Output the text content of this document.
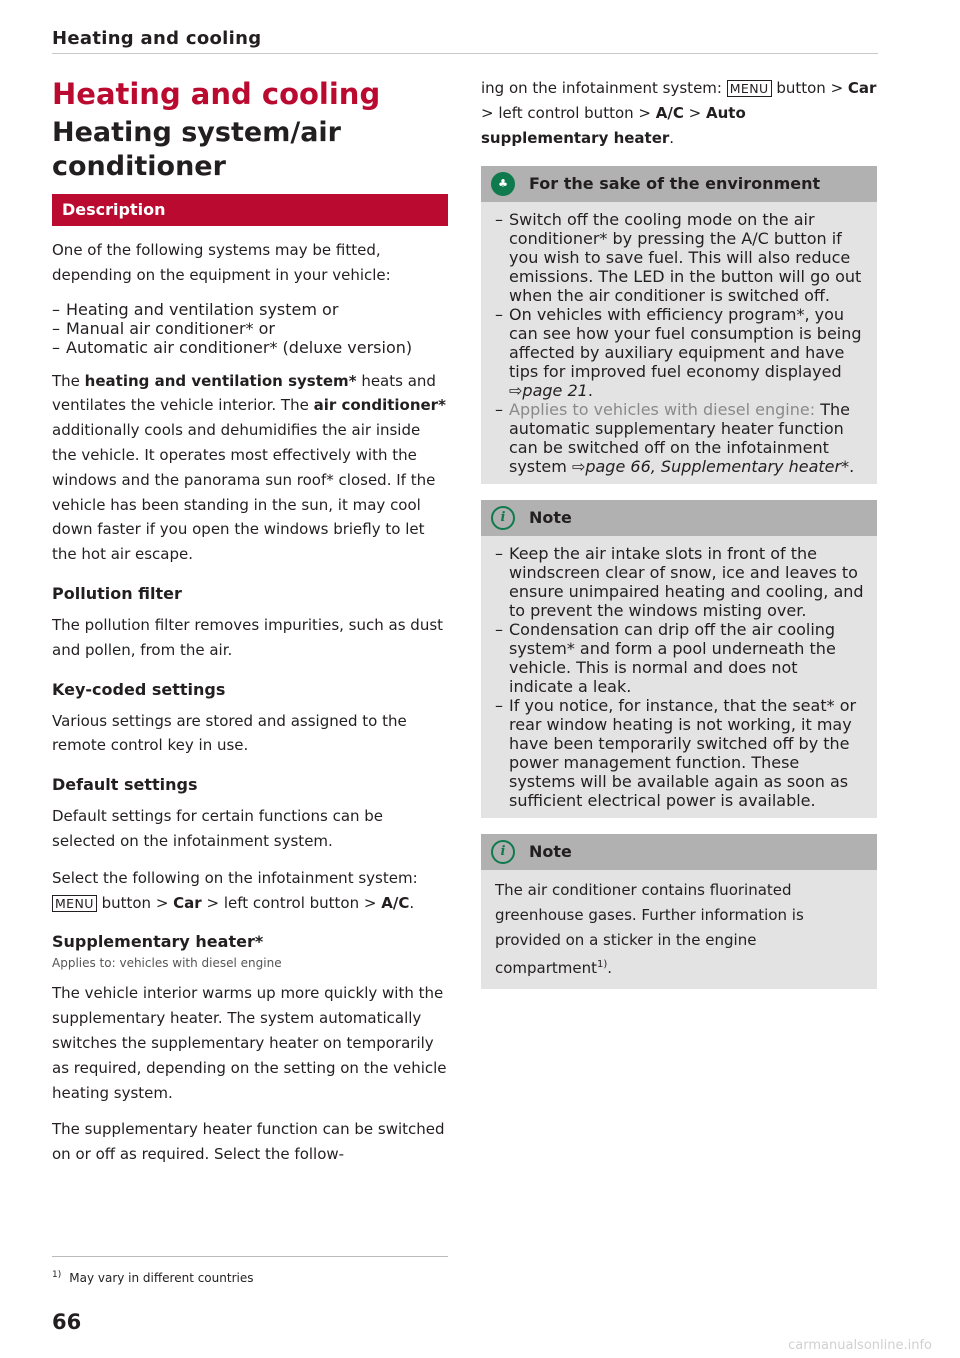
Heating and cooling
Heating and cooling
Heating system/air conditioner
Description

One of the following systems may be fitted, depending on the equipment in your vehicle:

– Heating and ventilation system or
– Manual air conditioner* or
– Automatic air conditioner* (deluxe version)

The heating and ventilation system* heats and ventilates the vehicle interior. The air conditioner* additionally cools and dehumidifies the air inside the vehicle. It operates most effectively with the windows and the panorama sun roof* closed. If the vehicle has been standing in the sun, it may cool down faster if you open the windows briefly to let the hot air escape.

Pollution filter

The pollution filter removes impurities, such as dust and pollen, from the air.

Key-coded settings

Various settings are stored and assigned to the remote control key in use.

Default settings

Default settings for certain functions can be selected on the infotainment system.

Select the following on the infotainment system: MENU button > Car > left control button > A/C.

Supplementary heater*
Applies to: vehicles with diesel engine

The vehicle interior warms up more quickly with the supplementary heater. The system automatically switches the supplementary heater on temporarily as required, depending on the setting on the vehicle heating system.

The supplementary heater function can be switched on or off as required. Select the follow-

ing on the infotainment system: MENU button > Car > left control button > A/C > Auto supplementary heater.

♣	For the sake of the environment
– Switch off the cooling mode on the air conditioner* by pressing the A/C button if you wish to save fuel. This will also reduce emissions. The LED in the button will go out when the air conditioner is switched off.
– On vehicles with efficiency program*, you can see how your fuel consumption is being affected by auxiliary equipment and have tips for improved fuel economy displayed ⇨page 21.
– Applies to vehicles with diesel engine: The automatic supplementary heater function can be switched off on the infotainment system ⇨page 66, Supplementary heater*.
i	Note
– Keep the air intake slots in front of the windscreen clear of snow, ice and leaves to ensure unimpaired heating and cooling, and to prevent the windows misting over.
– Condensation can drip off the air cooling system* and form a pool underneath the vehicle. This is normal and does not indicate a leak.
– If you notice, for instance, that the seat* or rear window heating is not working, it may have been temporarily switched off by the power management function. These systems will be available again as soon as sufficient electrical power is available.
i	Note

The air conditioner contains fluorinated greenhouse gases. Further information is provided on a sticker in the engine compartment$^{1)}$.

$^{1)}$ May vary in different countries
66
carmanualsonline.info
